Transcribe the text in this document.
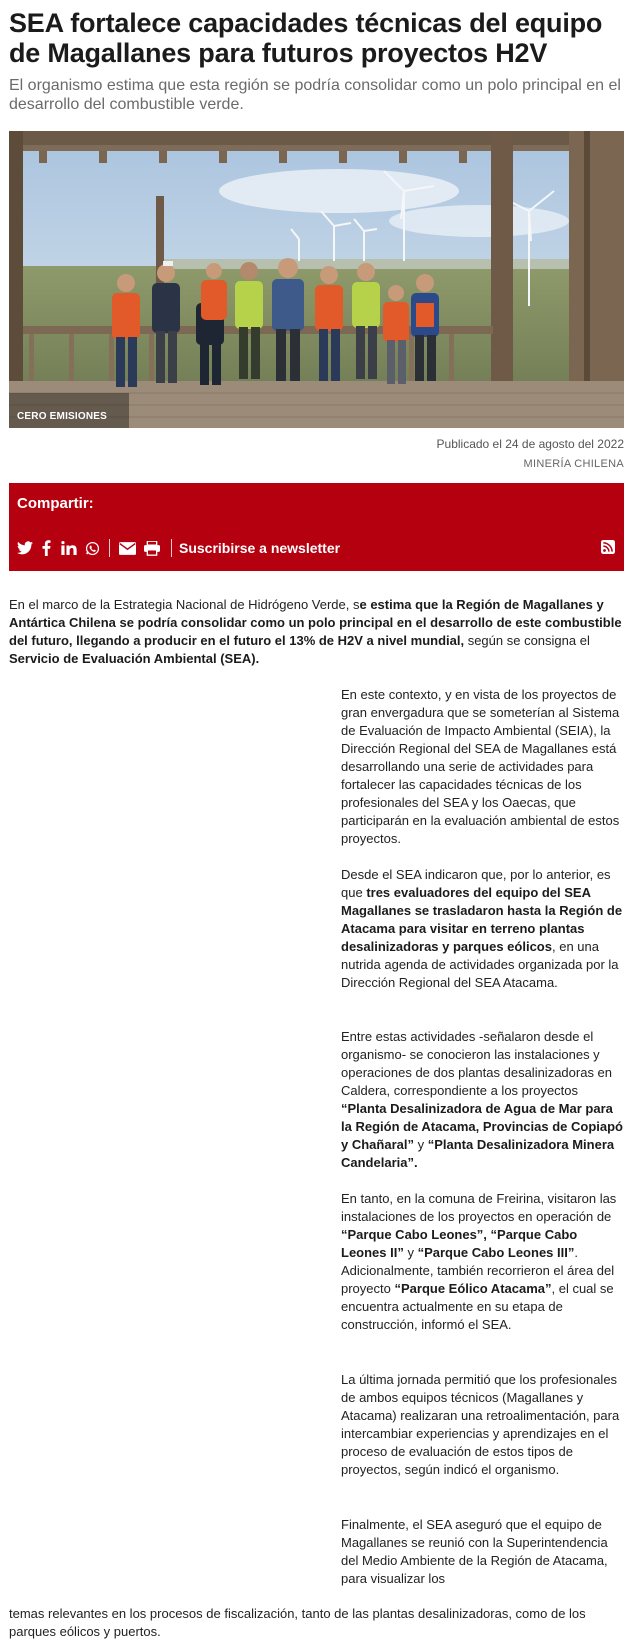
SEA fortalece capacidades técnicas del equipo de Magallanes para futuros proyectos H2V

El organismo estima que esta región se podría consolidar como un polo principal en el desarrollo del combustible verde.

CERO EMISIONES
Publicado el 24 de agosto del 2022
MINERÍA CHILENA
Compartir:
Suscribirse a newsletter

En el marco de la Estrategia Nacional de Hidrógeno Verde, se estima que la Región de Magallanes y Antártica Chilena se podría consolidar como un polo principal en el desarrollo de este combustible del futuro, llegando a producir en el futuro el 13% de H2V a nivel mundial, según se consigna el Servicio de Evaluación Ambiental (SEA).

En este contexto, y en vista de los proyectos de gran envergadura que se someterían al Sistema de Evaluación de Impacto Ambiental (SEIA), la Dirección Regional del SEA de Magallanes está desarrollando una serie de actividades para fortalecer las capacidades técnicas de los profesionales del SEA y los Oaecas, que participarán en la evaluación ambiental de estos proyectos.

Desde el SEA indicaron que, por lo anterior, es que tres evaluadores del equipo del SEA Magallanes se trasladaron hasta la Región de Atacama para visitar en terreno plantas desalinizadoras y parques eólicos, en una nutrida agenda de actividades organizada por la Dirección Regional del SEA Atacama.

Entre estas actividades -señalaron desde el organismo- se conocieron las instalaciones y operaciones de dos plantas desalinizadoras en Caldera, correspondiente a los proyectos “Planta Desalinizadora de Agua de Mar para la Región de Atacama, Provincias de Copiapó y Chañaral” y “Planta Desalinizadora Minera Candelaria”.

En tanto, en la comuna de Freirina, visitaron las instalaciones de los proyectos en operación de “Parque Cabo Leones”, “Parque Cabo Leones II” y “Parque Cabo Leones III”. Adicionalmente, también recorrieron el área del proyecto “Parque Eólico Atacama”, el cual se encuentra actualmente en su etapa de construcción, informó el SEA.

La última jornada permitió que los profesionales de ambos equipos técnicos (Magallanes y Atacama) realizaran una retroalimentación, para intercambiar experiencias y aprendizajes en el proceso de evaluación de estos tipos de proyectos, según indicó el organismo.

Finalmente, el SEA aseguró que el equipo de Magallanes se reunió con la Superintendencia del Medio Ambiente de la Región de Atacama, para visualizar los

temas relevantes en los procesos de fiscalización, tanto de las plantas desalinizadoras, como de los parques eólicos y puertos.
